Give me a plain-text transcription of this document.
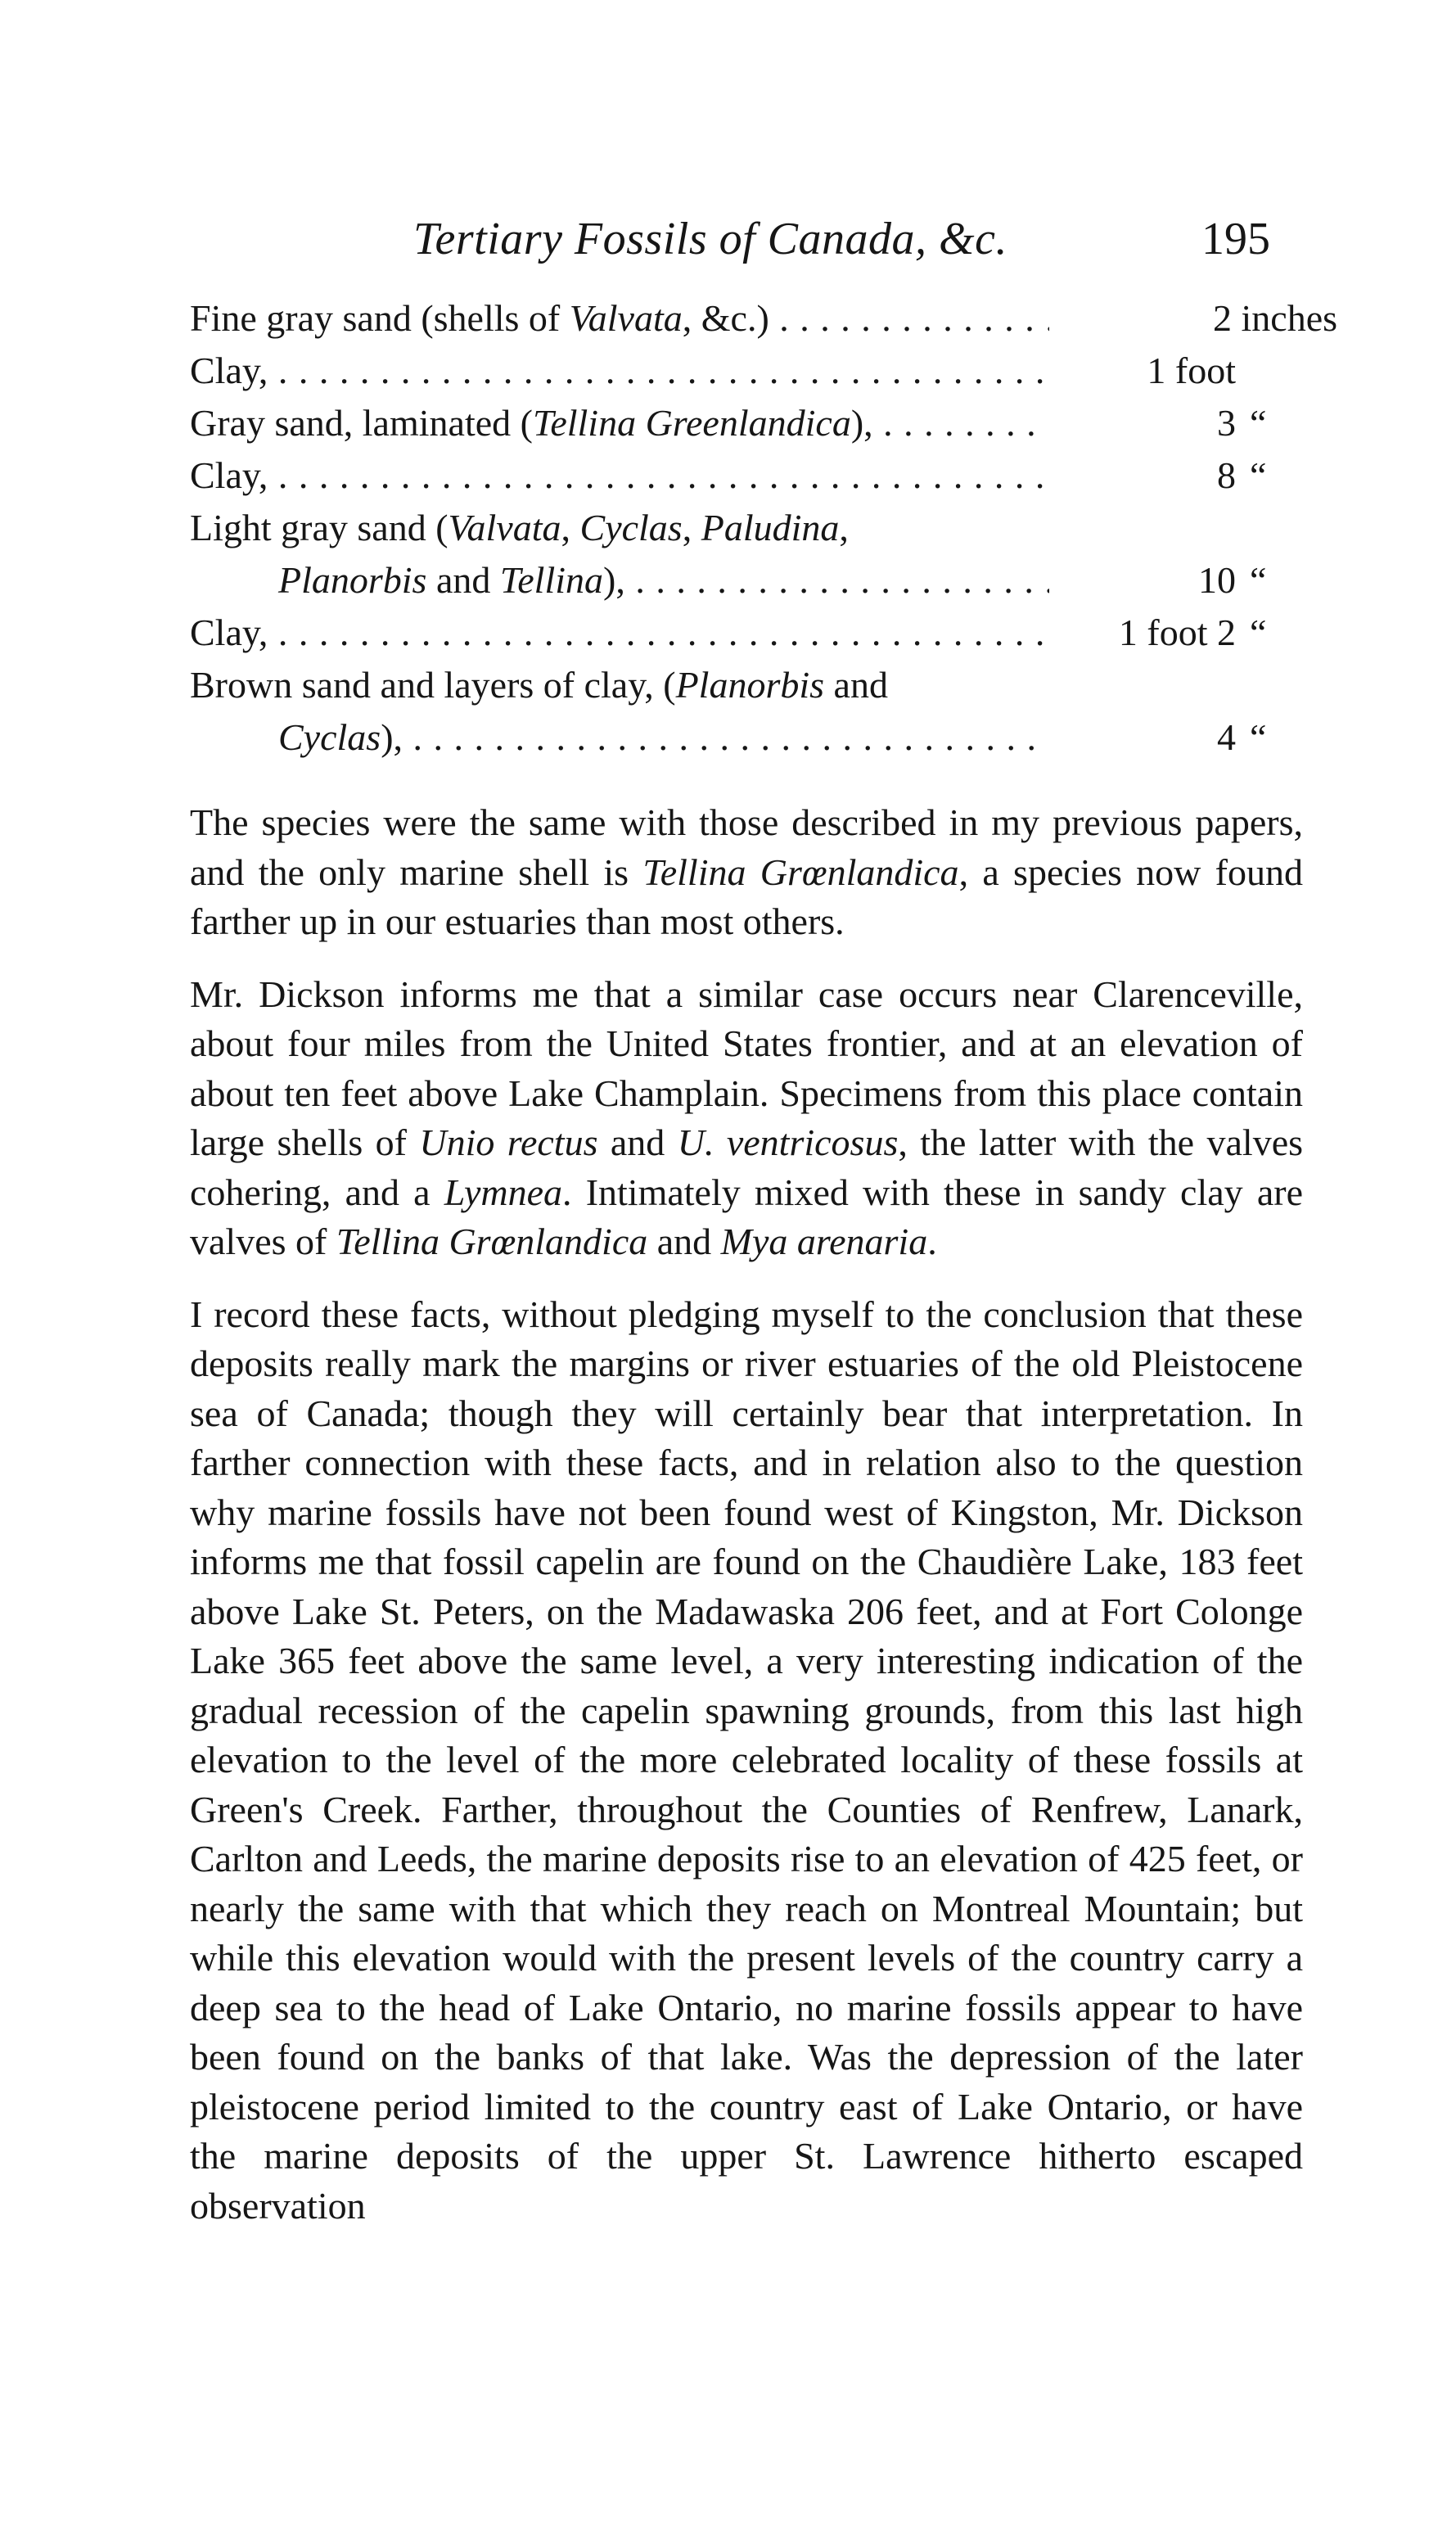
Tertiary Fossils of Canada, &c.	195
Fine gray sand (shells of Valvata, &c.) . . .	2 inches
Clay, . . .	1 foot
Gray sand, laminated (Tellina Greenlandica), . . .	3 “
Clay, . . .	8 “
Light gray sand (Valvata, Cyclas, Paludina,
Planorbis and Tellina), . . .	10 “
Clay, . . .	1 foot 2 “
Brown sand and layers of clay, (Planorbis and
Cyclas), . . .	4 “

The species were the same with those described in my previous papers, and the only marine shell is Tellina Grœnlandica, a species now found farther up in our estuaries than most others.

Mr. Dickson informs me that a similar case occurs near Clarenceville, about four miles from the United States frontier, and at an elevation of about ten feet above Lake Champlain. Specimens from this place contain large shells of Unio rectus and U. ventricosus, the latter with the valves cohering, and a Lymnea. Intimately mixed with these in sandy clay are valves of Tellina Grœnlandica and Mya arenaria.

I record these facts, without pledging myself to the conclusion that these deposits really mark the margins or river estuaries of the old Pleistocene sea of Canada; though they will certainly bear that interpretation. In farther connection with these facts, and in relation also to the question why marine fossils have not been found west of Kingston, Mr. Dickson informs me that fossil capelin are found on the Chaudière Lake, 183 feet above Lake St. Peters, on the Madawaska 206 feet, and at Fort Colonge Lake 365 feet above the same level, a very interesting indication of the gradual recession of the capelin spawning grounds, from this last high elevation to the level of the more celebrated locality of these fossils at Green's Creek. Farther, throughout the Counties of Renfrew, Lanark, Carlton and Leeds, the marine deposits rise to an elevation of 425 feet, or nearly the same with that which they reach on Montreal Mountain; but while this elevation would with the present levels of the country carry a deep sea to the head of Lake Ontario, no marine fossils appear to have been found on the banks of that lake. Was the depression of the later pleistocene period limited to the country east of Lake Ontario, or have the marine deposits of the upper St. Lawrence hitherto escaped observation
